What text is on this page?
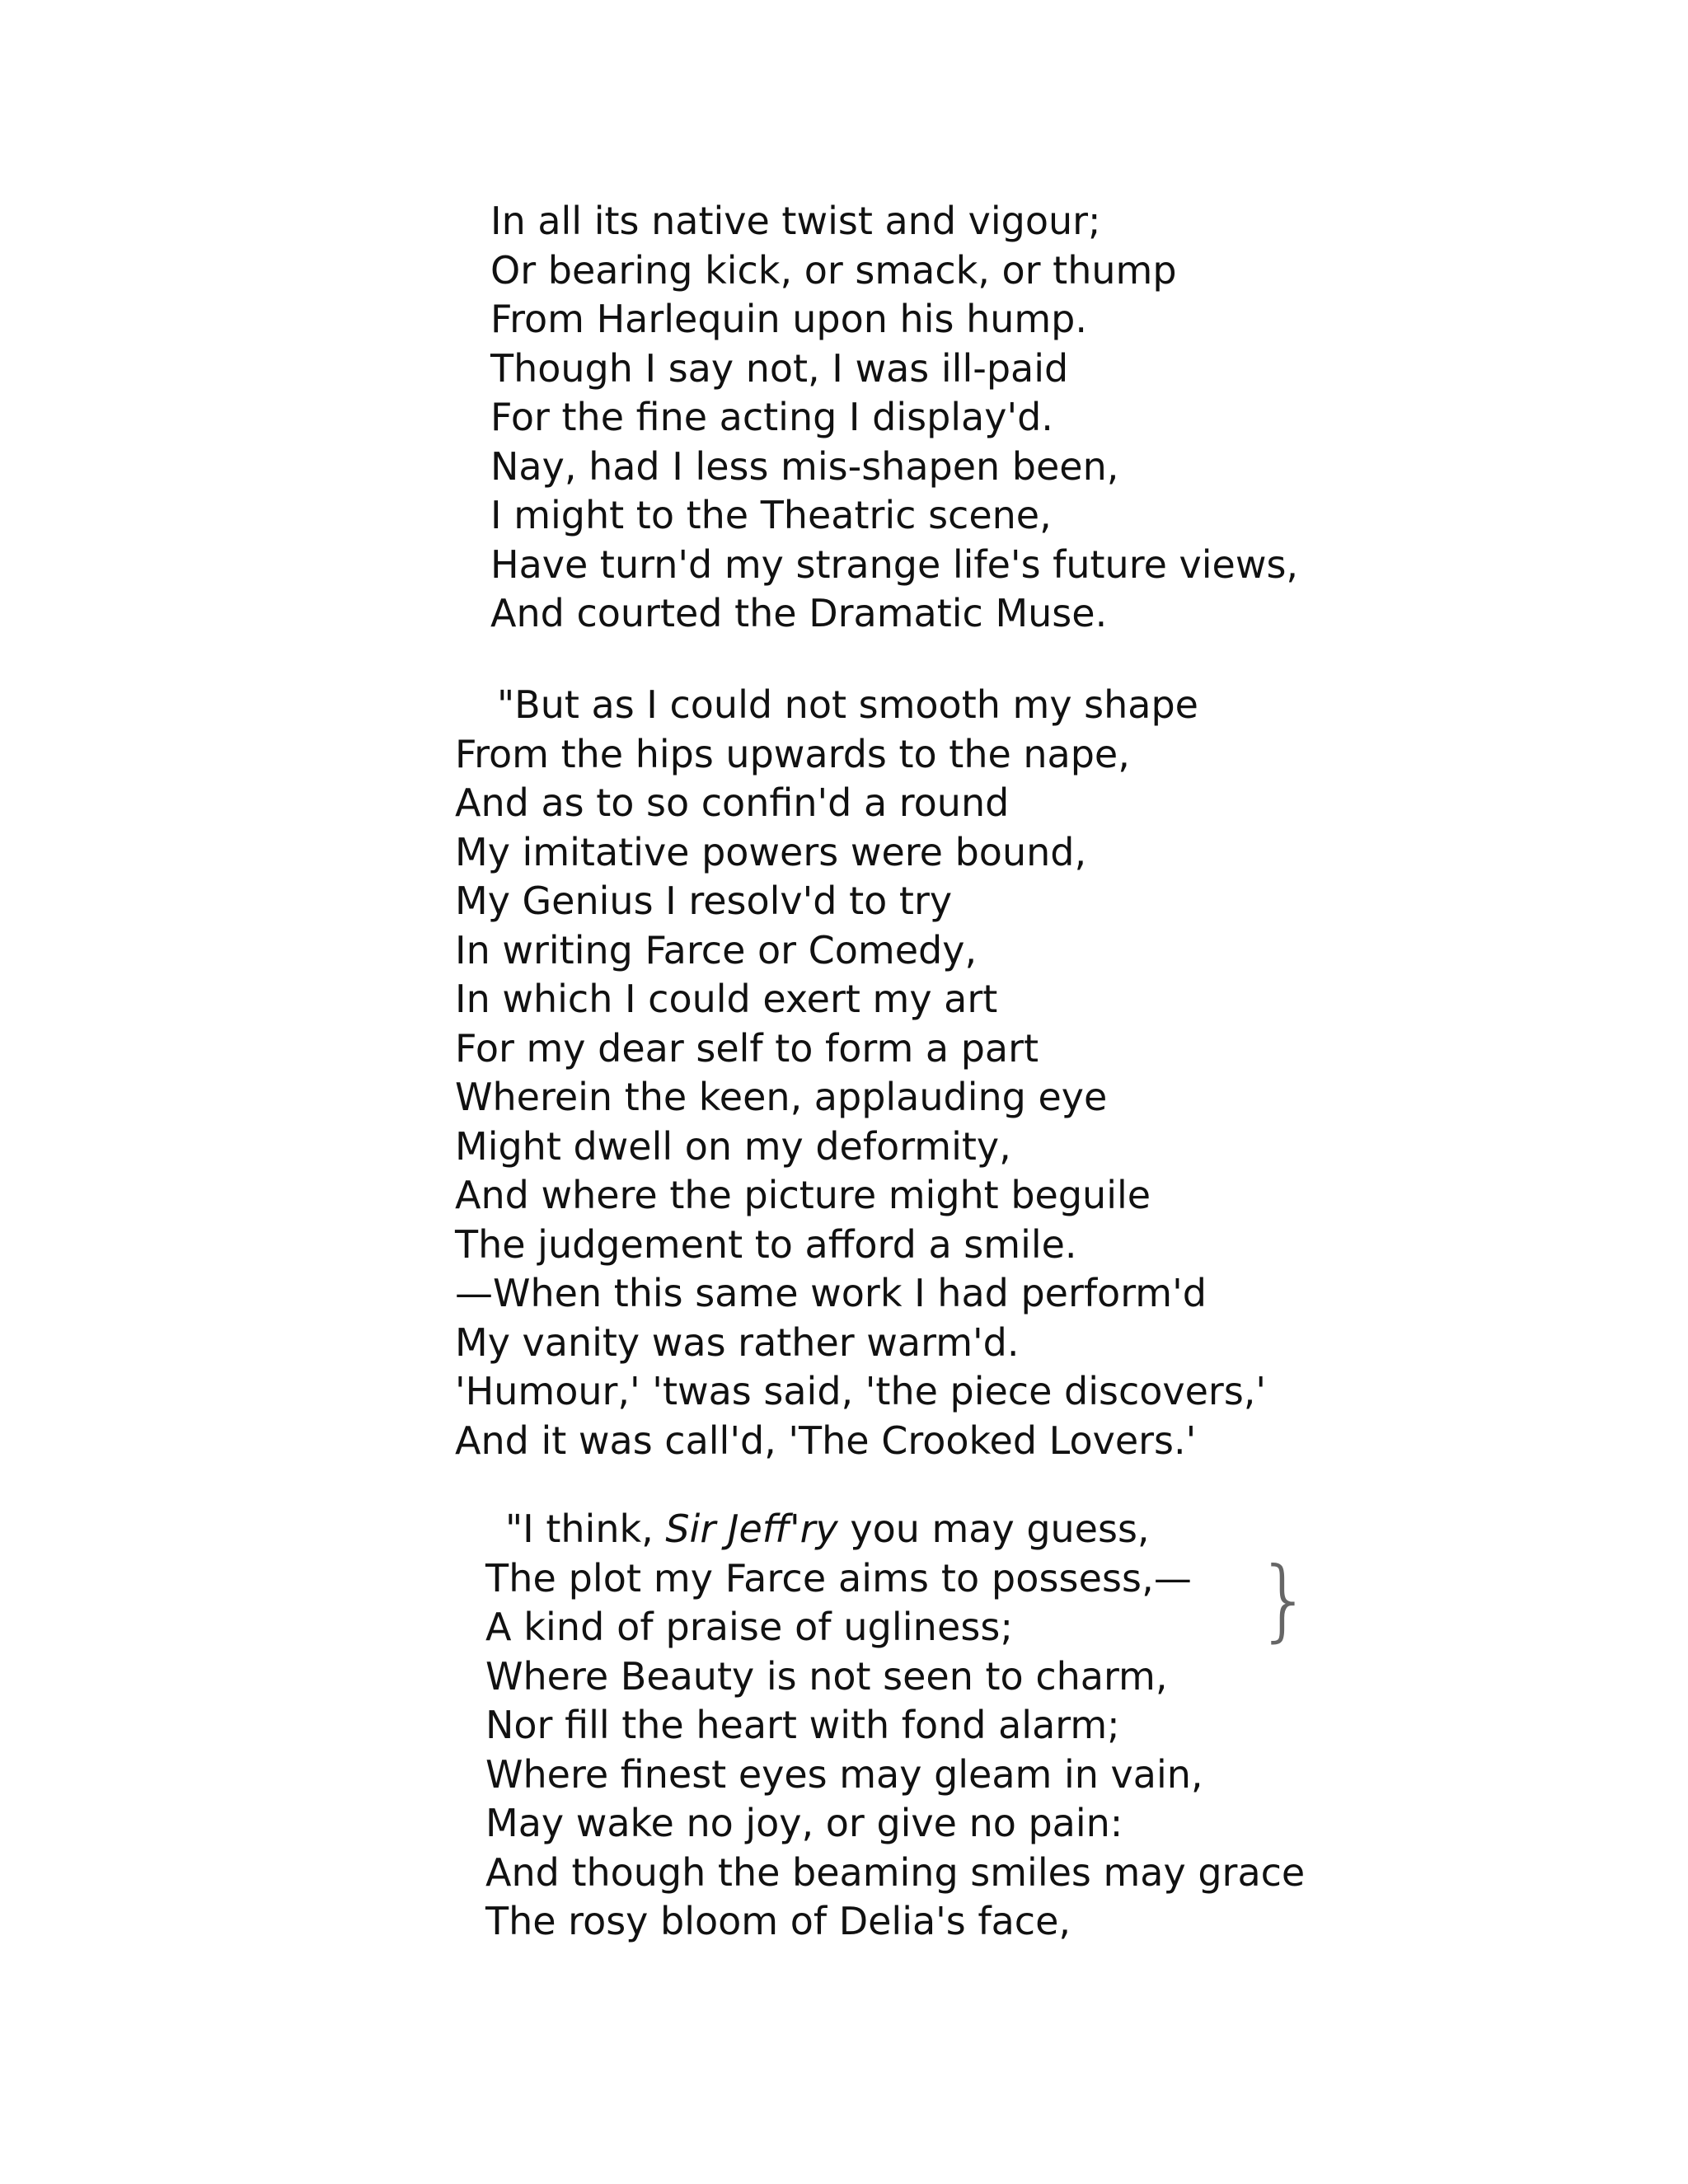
In all its native twist and vigour;
Or bearing kick, or smack, or thump
From Harlequin upon his hump.
Though I say not, I was ill-paid
For the fine acting I display'd.
Nay, had I less mis-shapen been,
I might to the Theatric scene,
Have turn'd my strange life's future views,
And courted the Dramatic Muse.
"But as I could not smooth my shape
From the hips upwards to the nape,
And as to so confin'd a round
My imitative powers were bound,
My Genius I resolv'd to try
In writing Farce or Comedy,
In which I could exert my art
For my dear self to form a part
Wherein the keen, applauding eye
Might dwell on my deformity,
And where the picture might beguile
The judgement to afford a smile.
—When this same work I had perform'd
My vanity was rather warm'd.
'Humour,' 'twas said, 'the piece discovers,'
And it was call'd, 'The Crooked Lovers.'
"I think, Sir Jeff'ry you may guess,
The plot my Farce aims to possess,—
A kind of praise of ugliness;
Where Beauty is not seen to charm,
Nor fill the heart with fond alarm;
Where finest eyes may gleam in vain,
May wake no joy, or give no pain:
And though the beaming smiles may grace
The rosy bloom of Delia's face,
}
